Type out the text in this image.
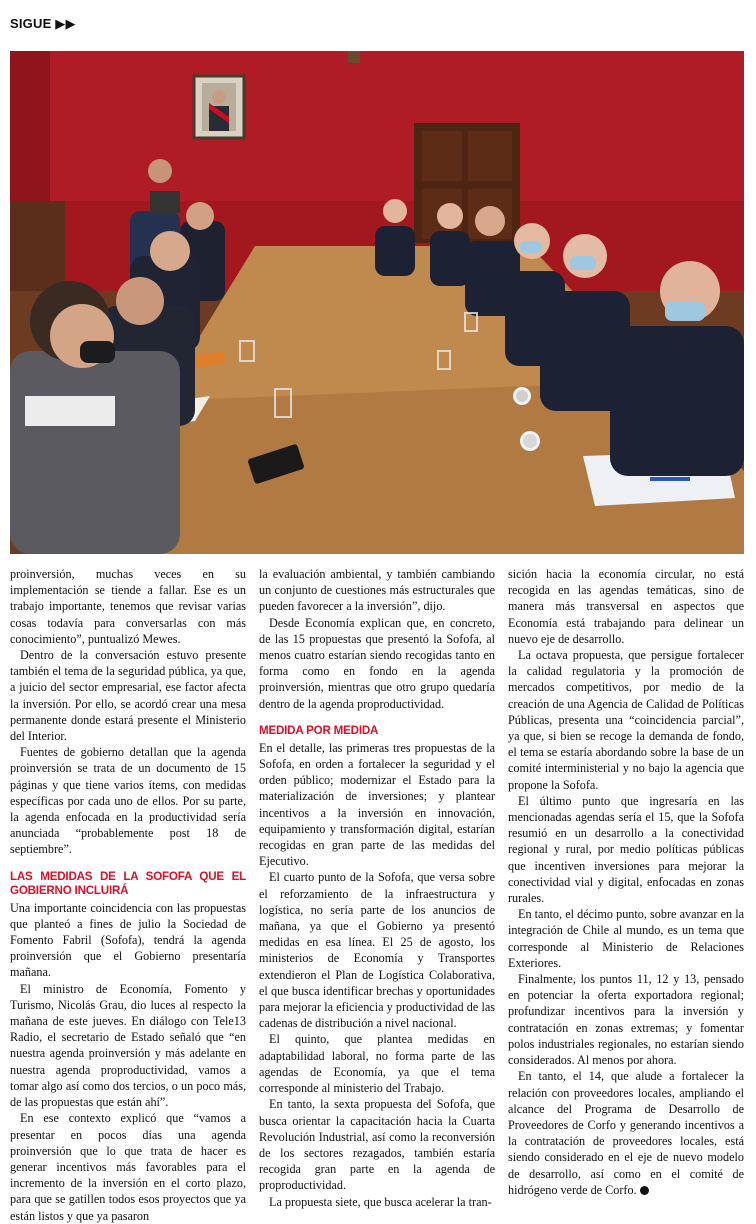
SIGUE ▶▶

proinversión, muchas veces en su implementación se tiende a fallar. Ese es un trabajo importante, tenemos que revisar varias cosas todavía para conversarlas con más conocimiento”, puntualizó Mewes.

Dentro de la conversación estuvo presente también el tema de la seguridad pública, ya que, a juicio del sector empresarial, ese factor afecta la inversión. Por ello, se acordó crear una mesa permanente donde estará presente el Ministerio del Interior.

Fuentes de gobierno detallan que la agenda proinversión se trata de un documento de 15 páginas y que tiene varios ítems, con medidas específicas por cada uno de ellos. Por su parte, la agenda enfocada en la productividad sería anunciada “probablemente post 18 de septiembre”.

LAS MEDIDAS DE LA SOFOFA QUE EL GOBIERNO INCLUIRÁ

Una importante coincidencia con las propuestas que planteó a fines de julio la Sociedad de Fomento Fabril (Sofofa), tendrá la agenda proinversión que el Gobierno presentaría mañana.

El ministro de Economía, Fomento y Turismo, Nicolás Grau, dio luces al respecto la mañana de este jueves. En diálogo con Tele13 Radio, el secretario de Estado señaló que “en nuestra agenda proinversión y más adelante en nuestra agenda proproductividad, vamos a tomar algo así como dos tercios, o un poco más, de las propuestas que están ahí”.

En ese contexto explicó que “vamos a presentar en pocos días una agenda proinversión que lo que trata de hacer es generar incentivos más favorables para el incremento de la inversión en el corto plazo, para que se gatillen todos esos proyectos que ya están listos y que ya pasaron

la evaluación ambiental, y también cambiando un conjunto de cuestiones más estructurales que pueden favorecer a la inversión”, dijo.

Desde Economía explican que, en concreto, de las 15 propuestas que presentó la Sofofa, al menos cuatro estarían siendo recogidas tanto en forma como en fondo en la agenda proinversión, mientras que otro grupo quedaría dentro de la agenda proproductividad.

MEDIDA POR MEDIDA

En el detalle, las primeras tres propuestas de la Sofofa, en orden a fortalecer la seguridad y el orden público; modernizar el Estado para la materialización de inversiones; y plantear incentivos a la inversión en innovación, equipamiento y transformación digital, estarían recogidas en gran parte de las medidas del Ejecutivo.

El cuarto punto de la Sofofa, que versa sobre el reforzamiento de la infraestructura y logística, no sería parte de los anuncios de mañana, ya que el Gobierno ya presentó medidas en esa línea. El 25 de agosto, los ministerios de Economía y Transportes extendieron el Plan de Logística Colaborativa, el que busca identificar brechas y oportunidades para mejorar la eficiencia y productividad de las cadenas de distribución a nivel nacional.

El quinto, que plantea medidas en adaptabilidad laboral, no forma parte de las agendas de Economía, ya que el tema corresponde al ministerio del Trabajo.

En tanto, la sexta propuesta del Sofofa, que busca orientar la capacitación hacia la Cuarta Revolución Industrial, así como la reconversión de los sectores rezagados, también estaría recogida gran parte en la agenda de proproductividad.

La propuesta siete, que busca acelerar la tran-

sición hacia la economía circular, no está recogida en las agendas temáticas, sino de manera más transversal en aspectos que Economía está trabajando para delinear un nuevo eje de desarrollo.

La octava propuesta, que persigue fortalecer la calidad regulatoria y la promoción de mercados competitivos, por medio de la creación de una Agencia de Calidad de Políticas Públicas, presenta una “coincidencia parcial”, ya que, si bien se recoge la demanda de fondo, el tema se estaría abordando sobre la base de un comité interministerial y no bajo la agencia que propone la Sofofa.

El último punto que ingresaría en las mencionadas agendas sería el 15, que la Sofofa resumió en un desarrollo a la conectividad regional y rural, por medio políticas públicas que incentiven inversiones para mejorar la conectividad vial y digital, enfocadas en zonas rurales.

En tanto, el décimo punto, sobre avanzar en la integración de Chile al mundo, es un tema que corresponde al Ministerio de Relaciones Exteriores.

Finalmente, los puntos 11, 12 y 13, pensado en potenciar la oferta exportadora regional; profundizar incentivos para la inversión y contratación en zonas extremas; y fomentar polos industriales regionales, no estarían siendo considerados. Al menos por ahora.

En tanto, el 14, que alude a fortalecer la relación con proveedores locales, ampliando el alcance del Programa de Desarrollo de Proveedores de Corfo y generando incentivos a la contratación de proveedores locales, está siendo considerado en el eje de nuevo modelo de desarrollo, así como en el comité de hidrógeno verde de Corfo.
